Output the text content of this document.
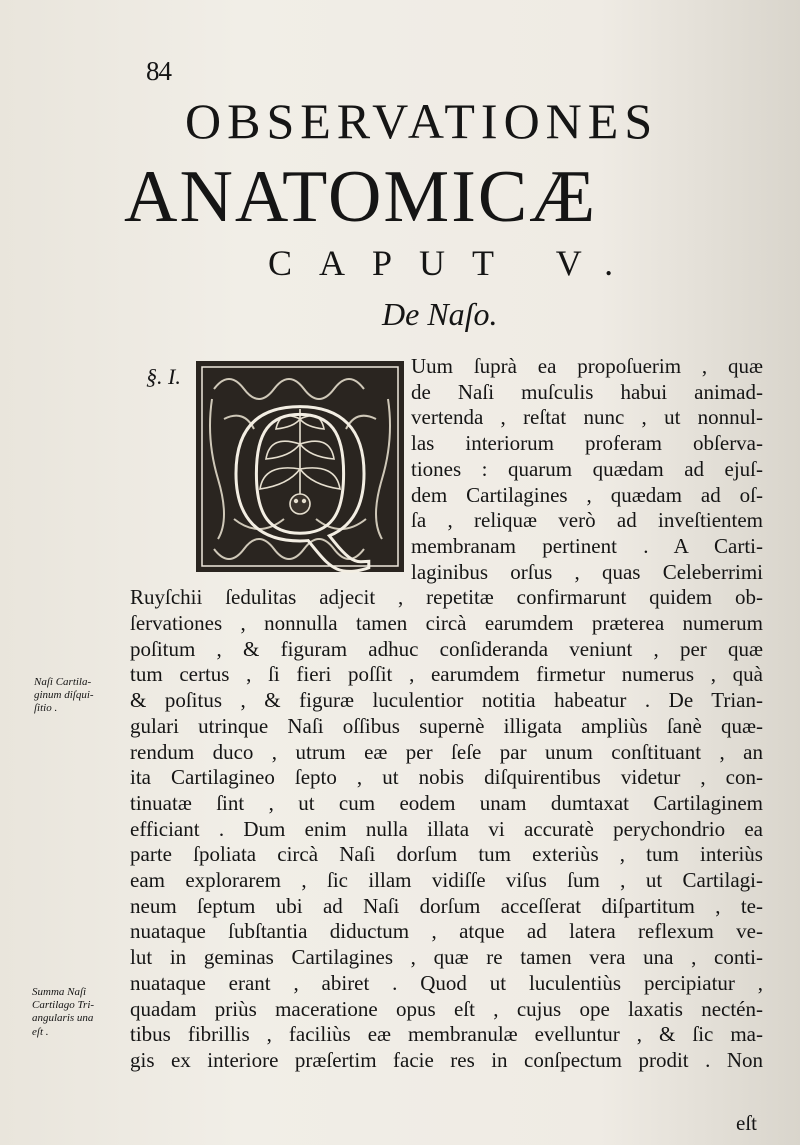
84
OBSERVATIONES
ANATOMICÆ
CAPUT V.
De Naſo.
§. I. Q Uum ſuprà ea propoſuerim , quæ
de Naſi muſculis habui animad-
vertenda , reſtat nunc , ut nonnul-
las interiorum proferam obſerva-
tiones : quarum quædam ad ejuſ-
dem Cartilagines , quædam ad oſ-
ſa , reliquæ verò ad inveſtientem
membranam pertinent . A Carti-
laginibus orſus , quas Celeberrimi
Ruyſchii ſedulitas adjecit , repetitæ confirmarunt quidem ob-
ſervationes , nonnulla tamen circà earumdem præterea numerum
poſitum , & figuram adhuc conſideranda veniunt , per quæ
tum certus , ſi fieri poſſit , earumdem firmetur numerus , quà
& poſitus , & figuræ luculentior notitia habeatur . De Trian-
gulari utrinque Naſi oſſibus supernè illigata ampliùs ſanè quæ-
rendum duco , utrum eæ per ſeſe par unum conſtituant , an
ita Cartilagineo ſepto , ut nobis diſquirentibus videtur , con-
tinuatæ ſint , ut cum eodem unam dumtaxat Cartilaginem
efficiant . Dum enim nulla illata vi accuratè perychondrio ea
parte ſpoliata circà Naſi dorſum tum exteriùs , tum interiùs
eam explorarem , ſic illam vidiſſe viſus ſum , ut Cartilagi-
neum ſeptum ubi ad Naſi dorſum acceſſerat diſpartitum , te-
nuataque ſubſtantia diductum , atque ad latera reflexum ve-
lut in geminas Cartilagines , quæ re tamen vera una , conti-
nuataque erant , abiret . Quod ut luculentiùs percipiatur ,
quadam priùs maceratione opus eſt , cujus ope laxatis nectén-
tibus fibrillis , faciliùs eæ membranulæ evelluntur , & ſic ma-
gis ex interiore præſertim facie res in conſpectum prodit . Non
eſt
Naſi Cartila-
ginum diſqui-
ſitio .
Summa Naſi
Cartilago Tri-
angularis una
eſt .
